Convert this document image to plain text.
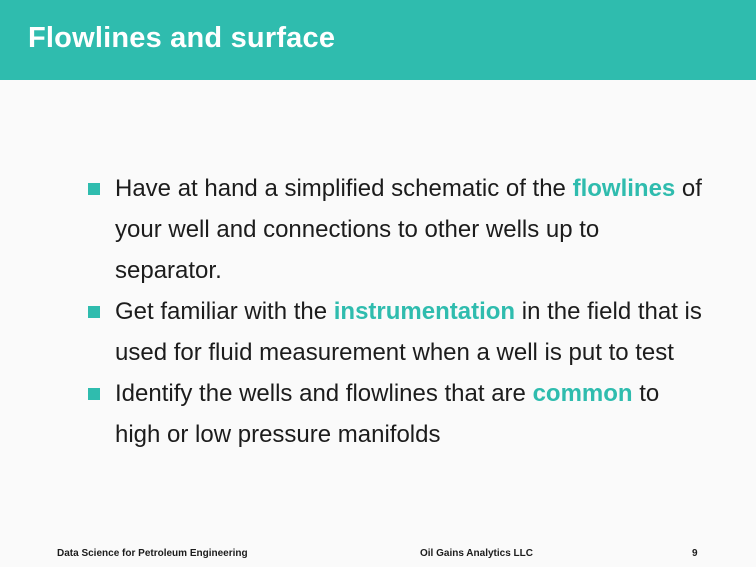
Flowlines and surface
Have at hand a simplified schematic of the flowlines of your well and connections to other wells up to separator.
Get familiar with the instrumentation in the field that is used for fluid measurement when a well is put to test
Identify the wells and flowlines that are common to high or low pressure manifolds
Data Science for Petroleum Engineering	Oil Gains Analytics LLC	9
